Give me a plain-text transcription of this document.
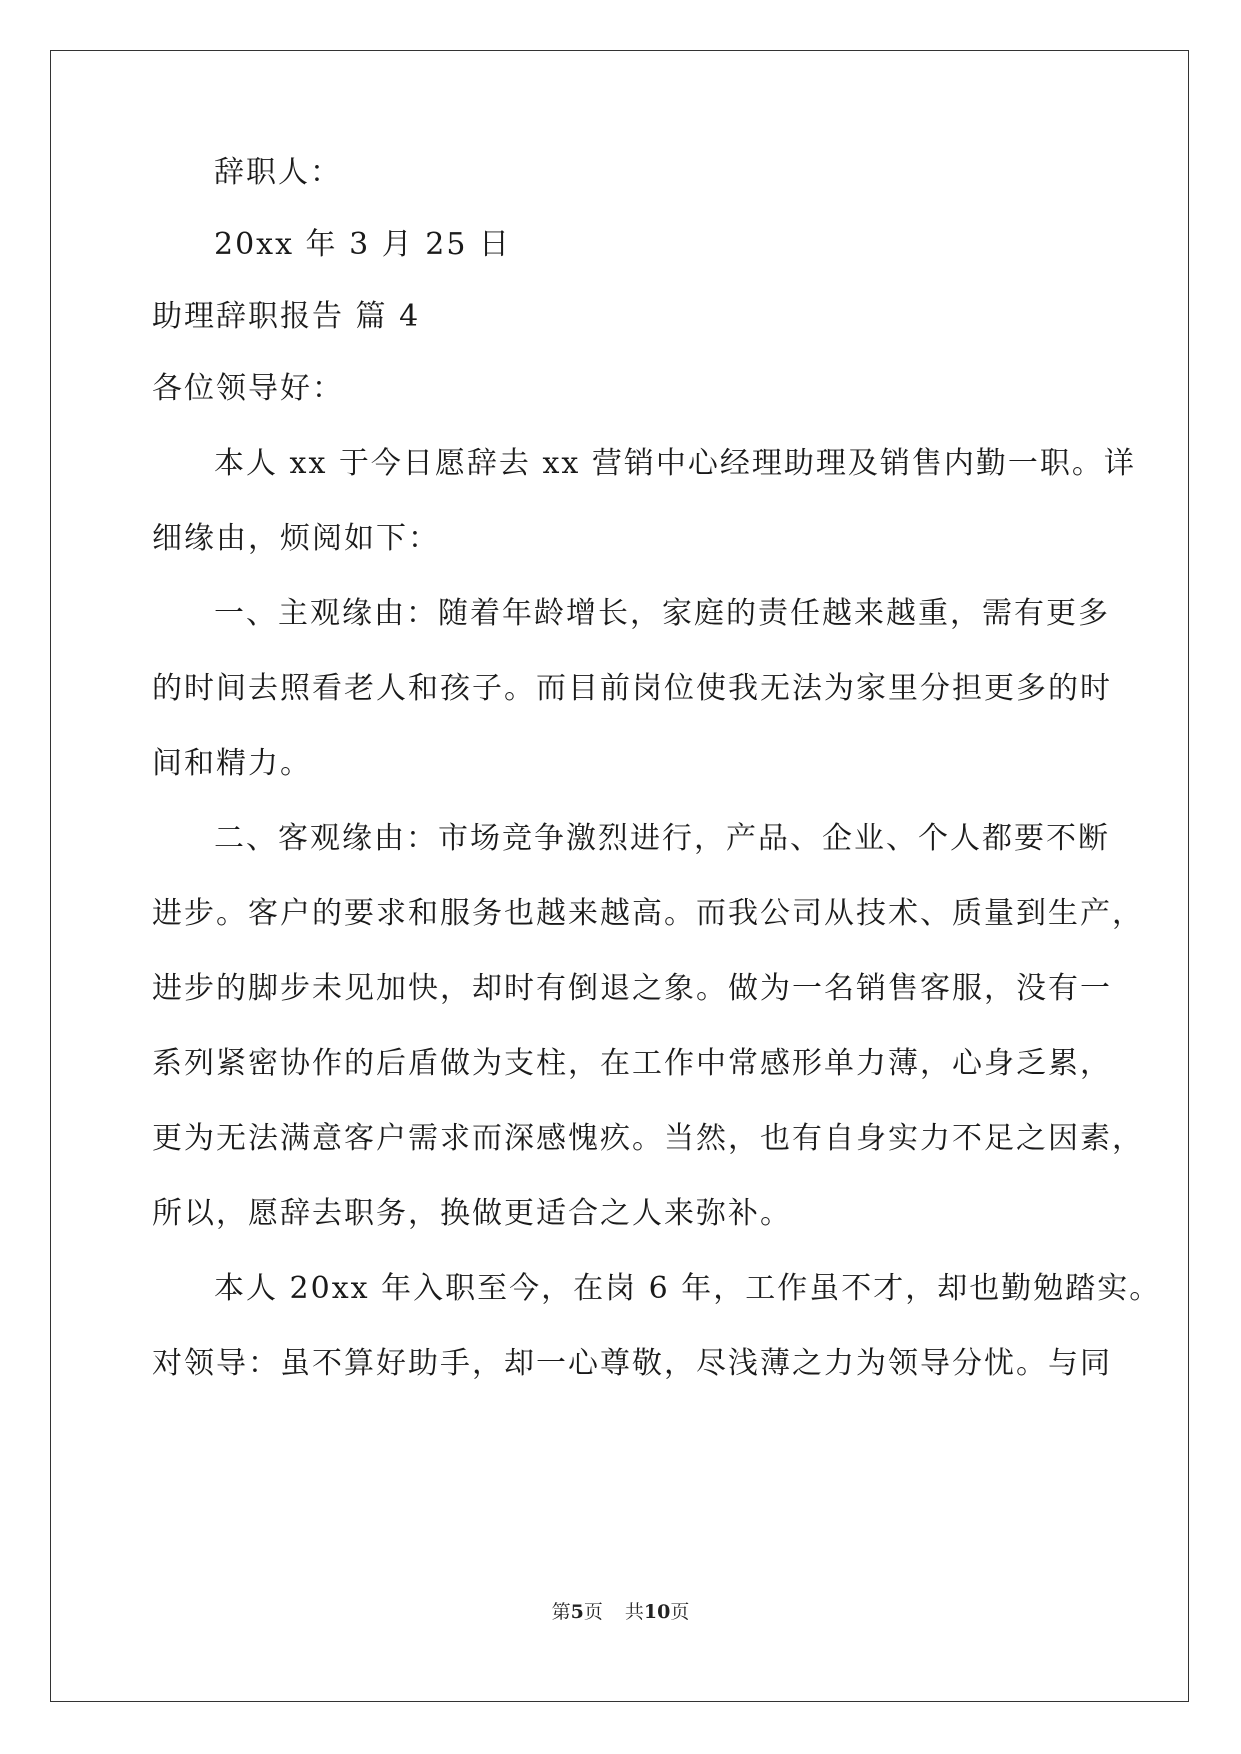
辞职人：
20xx 年 3 月 25 日
助理辞职报告 篇 4
各位领导好：
本人 xx 于今日愿辞去 xx 营销中心经理助理及销售内勤一职。详
细缘由，烦阅如下：
一、主观缘由：随着年龄增长，家庭的责任越来越重，需有更多
的时间去照看老人和孩子。而目前岗位使我无法为家里分担更多的时
间和精力。
二、客观缘由：市场竞争激烈进行，产品、企业、个人都要不断
进步。客户的要求和服务也越来越高。而我公司从技术、质量到生产，
进步的脚步未见加快，却时有倒退之象。做为一名销售客服，没有一
系列紧密协作的后盾做为支柱，在工作中常感形单力薄，心身乏累，
更为无法满意客户需求而深感愧疚。当然，也有自身实力不足之因素，
所以，愿辞去职务，换做更适合之人来弥补。
本人 20xx 年入职至今，在岗 6 年，工作虽不才，却也勤勉踏实。
对领导：虽不算好助手，却一心尊敬，尽浅薄之力为领导分忧。与同
第5页 共10页
